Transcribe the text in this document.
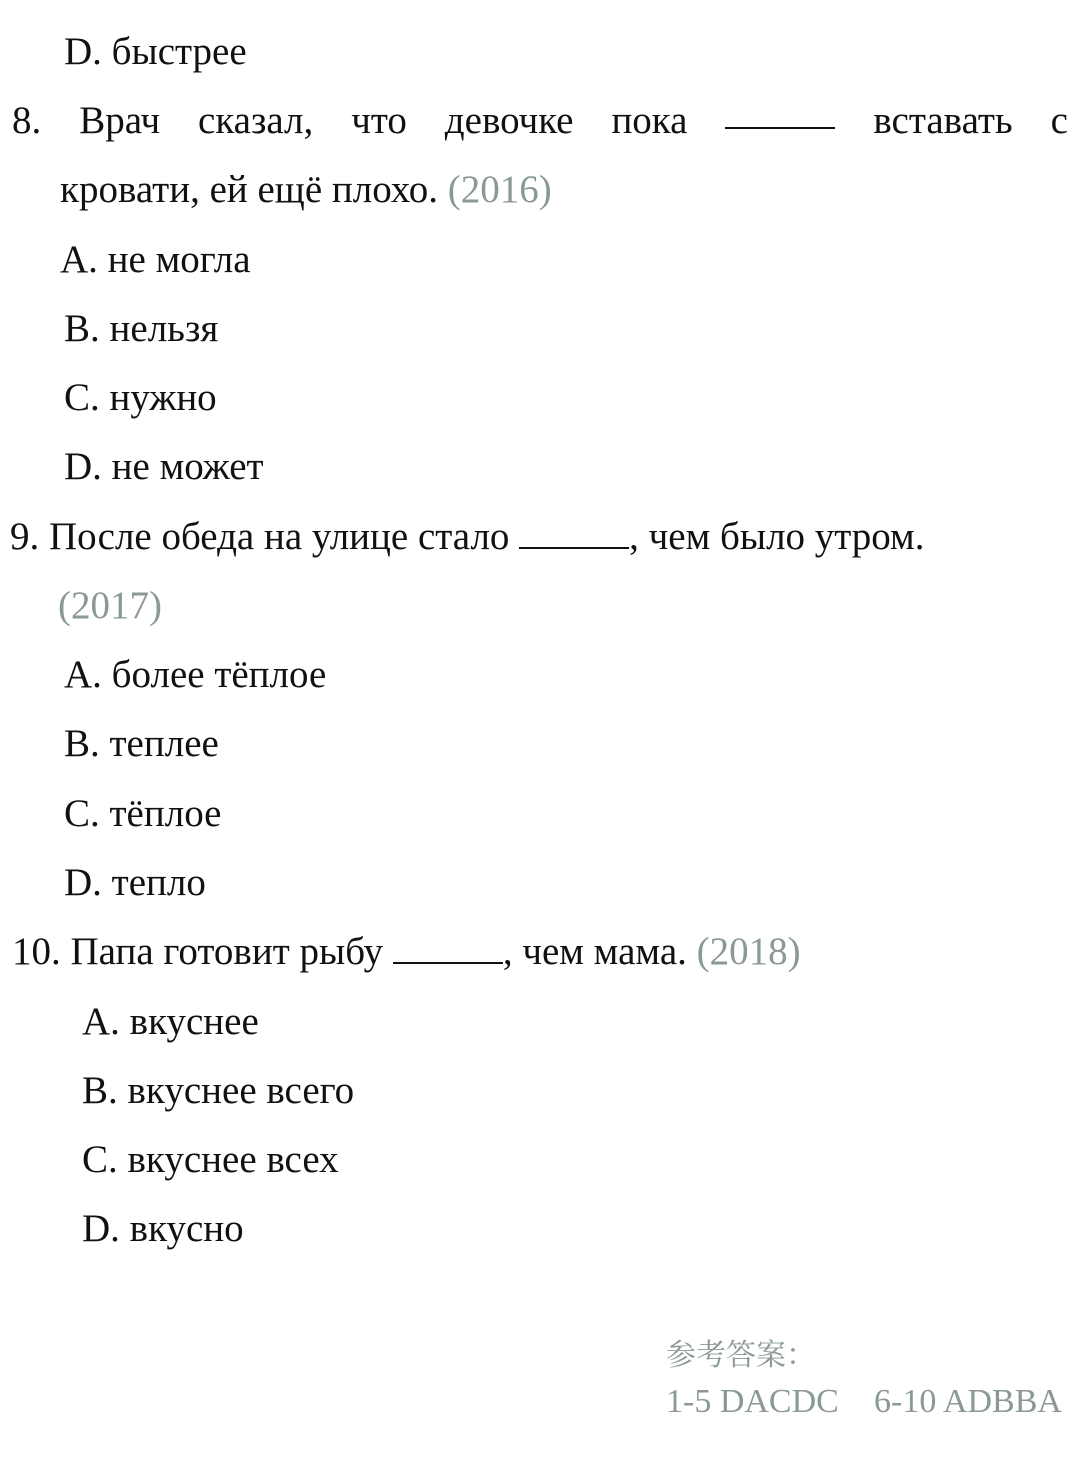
D. быстрее
8. Врач сказал, что девочке пока	вставать с
кровати, ей ещё плохо. (2016)
A. не могла
B. нельзя
C. нужно
D. не может
9. После обеда на улице стало	, чем было утром.
(2017)
A. более тёплое
B. теплее
C. тёплое
D. тепло
10. Папа готовит рыбу	, чем мама. (2018)
A. вкуснее
B. вкуснее всего
C. вкуснее всех
D. вкусно
参考答案：
1-5 DACDC 6-10 ADBBA
